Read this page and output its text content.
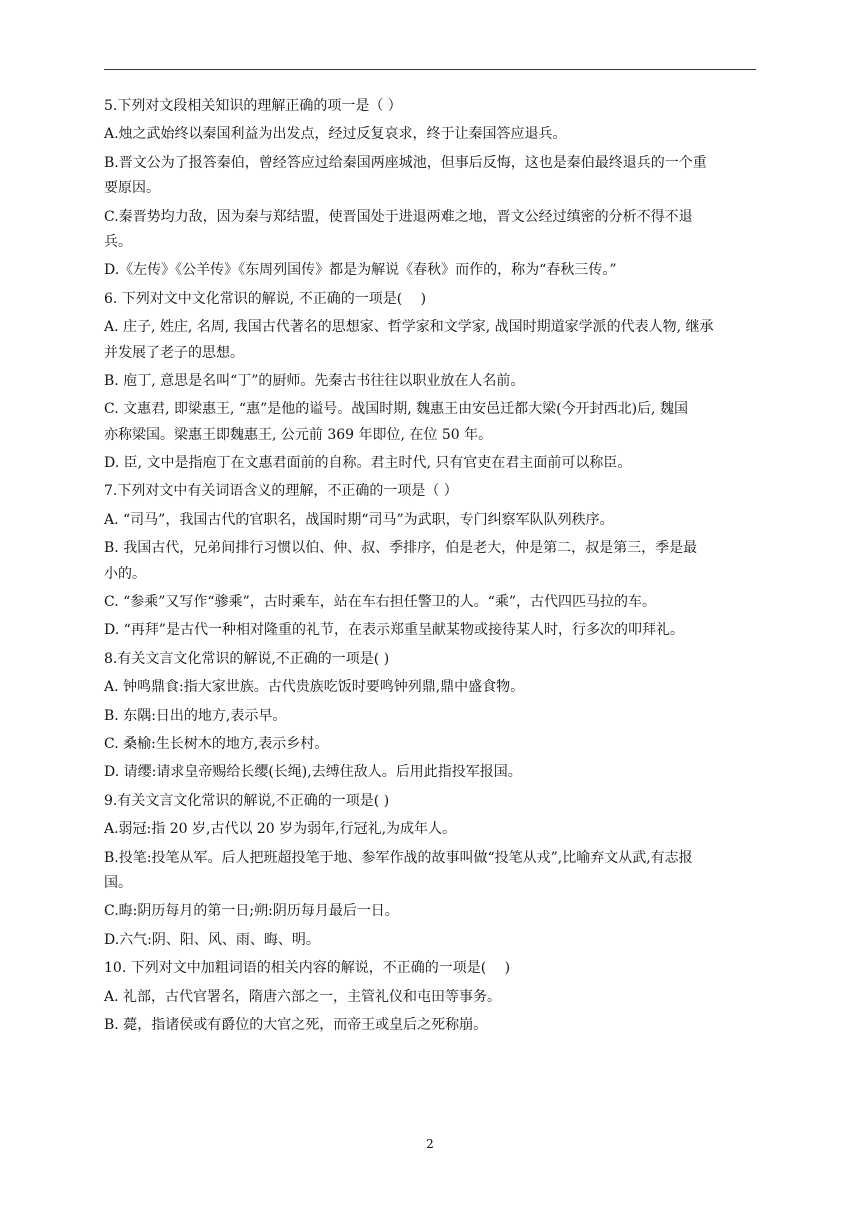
5.下列对文段相关知识的理解正确的项一是（ ）

A.烛之武始终以秦国利益为出发点，经过反复哀求，终于让秦国答应退兵。

B.晋文公为了报答秦伯，曾经答应过给秦国两座城池，但事后反悔，这也是秦伯最终退兵的一个重

要原因。

C.秦晋势均力敌，因为秦与郑结盟，使晋国处于进退两难之地，晋文公经过缜密的分析不得不退

兵。

D.《左传》《公羊传》《东周列国传》都是为解说《春秋》而作的，称为“春秋三传。”

6. 下列对文中文化常识的解说, 不正确的一项是(　 )

A. 庄子, 姓庄, 名周, 我国古代著名的思想家、哲学家和文学家, 战国时期道家学派的代表人物, 继承

并发展了老子的思想。

B. 庖丁, 意思是名叫“丁”的厨师。先秦古书往往以职业放在人名前。

C. 文惠君, 即梁惠王, “惠”是他的谥号。战国时期, 魏惠王由安邑迁都大梁(今开封西北)后, 魏国

亦称梁国。梁惠王即魏惠王, 公元前 369 年即位, 在位 50 年。

D. 臣, 文中是指庖丁在文惠君面前的自称。君主时代, 只有官吏在君主面前可以称臣。

7.下列对文中有关词语含义的理解，不正确的一项是（ ）

A. “司马”，我国古代的官职名，战国时期“司马”为武职，专门纠察军队队列秩序。

B. 我国古代，兄弟间排行习惯以伯、仲、叔、季排序，伯是老大，仲是第二，叔是第三，季是最

小的。

C. “参乘”又写作“骖乘”，古时乘车，站在车右担任警卫的人。“乘”，古代四匹马拉的车。

D. “再拜”是古代一种相对隆重的礼节，在表示郑重呈献某物或接待某人时，行多次的叩拜礼。

8.有关文言文化常识的解说,不正确的一项是( )

A. 钟鸣鼎食:指大家世族。古代贵族吃饭时要鸣钟列鼎,鼎中盛食物。

B. 东隅:日出的地方,表示早。

C. 桑榆:生长树木的地方,表示乡村。

D. 请缨:请求皇帝赐给长缨(长绳),去缚住敌人。后用此指投军报国。

9.有关文言文化常识的解说,不正确的一项是( )

A.弱冠:指 20 岁,古代以 20 岁为弱年,行冠礼,为成年人。

B.投笔:投笔从军。后人把班超投笔于地、参军作战的故事叫做“投笔从戎”,比喻弃文从武,有志报

国。

C.晦:阴历每月的第一日;朔:阴历每月最后一日。

D.六气:阴、阳、风、雨、晦、明。

10. 下列对文中加粗词语的相关内容的解说，不正确的一项是(　 )

A. 礼部，古代官署名，隋唐六部之一，主管礼仪和屯田等事务。

B. 薨，指诸侯或有爵位的大官之死，而帝王或皇后之死称崩。

2
